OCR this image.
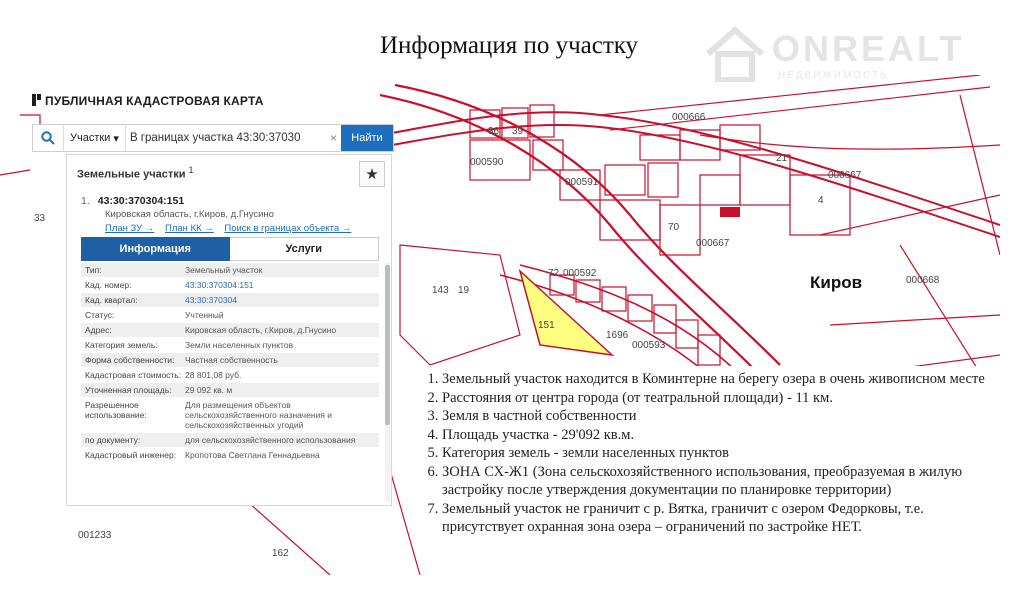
Информация по участку	ONREALT
НЕДВИЖИМОСТЬ
33
001233
143 19
000590
000591
72 000592
000593
1696
151
000667
000666
000667
000668
39
36
70
21
4
162
Киров
ПУБЛИЧНАЯ КАДАСТРОВАЯ КАРТА
Участки
▾ В границах участка 43:30:37030	×	Найти
Земельные участки $^1$	★
1. 43:30:370304:151
Кировская область, г.Киров, д.Гнусино
План ЗУ → План КК → Поиск в границах объекта →
Информация	Услуги
Тип:	Земельный участок
Кад. номер:	43:30:370304:151
Кад. квартал:	43:30:370304
Статус:	Учтенный
Адрес:	Кировская область, г.Киров, д.Гнусино
Категория земель:	Земли населенных пунктов
Форма собственности:	Частная собственность
Кадастровая стоимость: 28 801,08 руб.
Уточненная площадь:	29 092 кв. м
Разрешенное использование:
Для размещения объектов сельскохозяйственного назначения и сельскохозяйственных угодий
по документу:	для сельскохозяйственного использования
Кадастровый инженер:	Кропотова Светлана Геннадьевна
1. Земельный участок находится в Коминтерне на берегу озера в очень живописном месте
2. Расстояния от центра города (от театральной площади) - 11 км.
3. Земля в частной собственности
4. Площадь участка - 29'092 кв.м.
5. Категория земель - земли населенных пунктов
6. ЗОНА СХ-Ж1 (Зона сельскохозяйственного использования, преобразуемая в жилую застройку после утверждения документации по планировке территории)
7. Земельный участок не граничит с р. Вятка, граничит с озером Федорковы, т.е. присутствует охранная зона озера – ограничений по застройке НЕТ.
